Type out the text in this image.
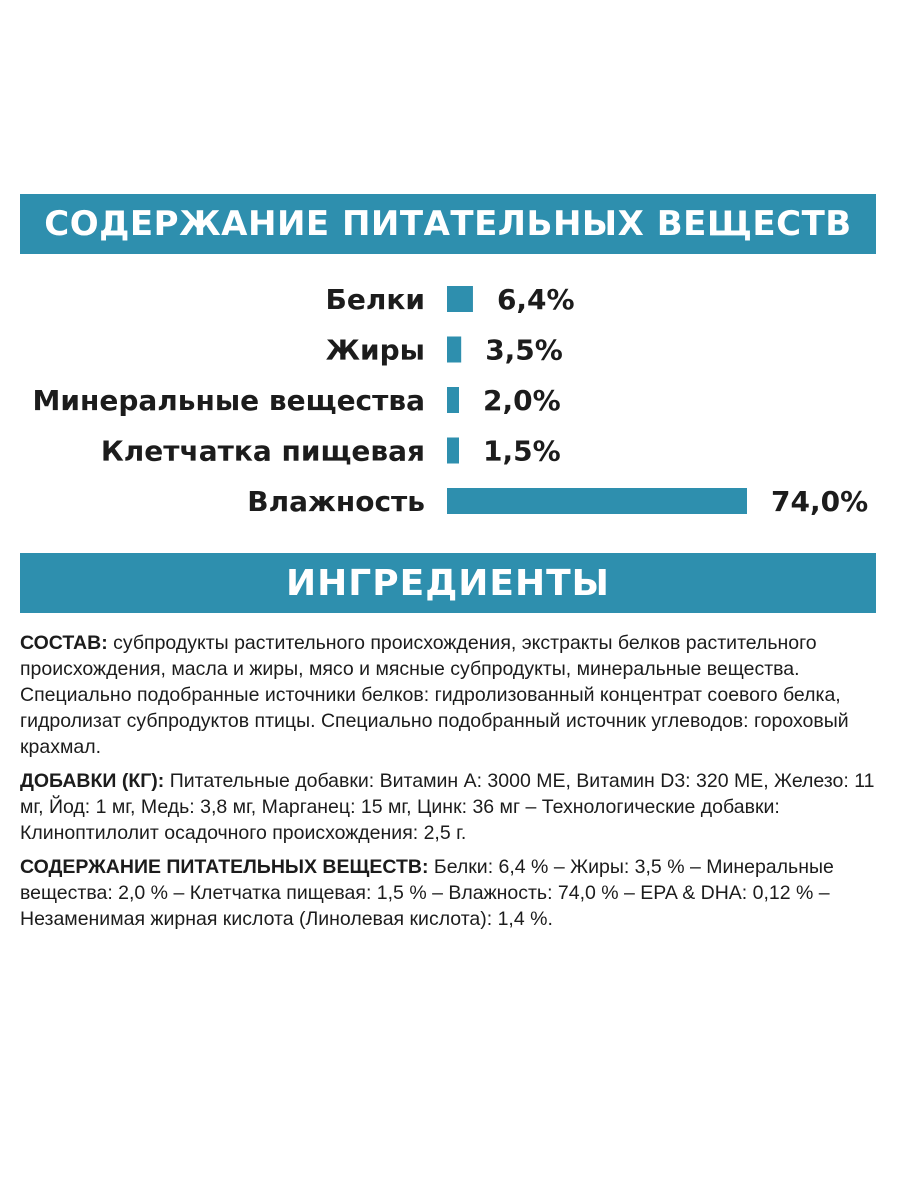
СОДЕРЖАНИЕ ПИТАТЕЛЬНЫХ ВЕЩЕСТВ
Белки	6,4%
Жиры 3,5%
Минеральные вещества 2,0%
Клетчатка пищевая 1,5%
Влажность	74,0%
ИНГРЕДИЕНТЫ

СОСТАВ: субпродукты растительного происхождения, экстракты белков растительного происхождения, масла и жиры, мясо и мясные субпродукты, минеральные вещества. Специально подобранные источники белков: гидролизованный концентрат соевого белка, гидролизат субпродуктов птицы. Специально подобранный источник углеводов: гороховый крахмал.

ДОБАВКИ (КГ): Питательные добавки: Витамин А: 3000 МЕ, Витамин D3: 320 МЕ, Железо: 11 мг, Йод: 1 мг, Медь: 3,8 мг, Марганец: 15 мг, Цинк: 36 мг – Технологические добавки: Клиноптилолит осадочного происхождения: 2,5 г.

СОДЕРЖАНИЕ ПИТАТЕЛЬНЫХ ВЕЩЕСТВ: Белки: 6,4 % – Жиры: 3,5 % – Минеральные вещества: 2,0 % – Клетчатка пищевая: 1,5 % – Влажность: 74,0 % – EPA & DHA: 0,12 % – Незаменимая жирная кислота (Линолевая кислота): 1,4 %.
